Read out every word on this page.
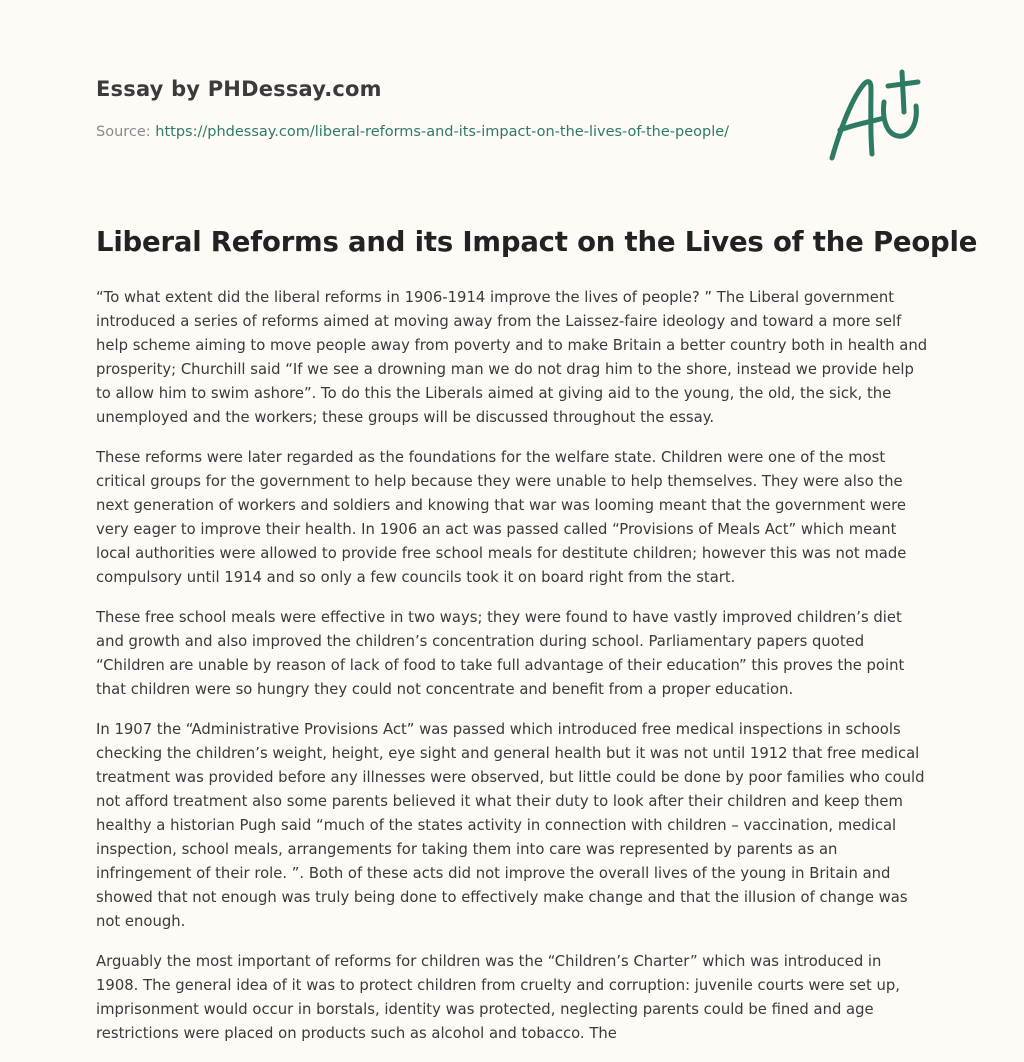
Essay by PHDessay.com
Source: https://phdessay.com/liberal-reforms-and-its-impact-on-the-lives-of-the-people/
Liberal Reforms and its Impact on the Lives of the People

“To what extent did the liberal reforms in 1906-1914 improve the lives of people? ” The Liberal government introduced a series of reforms aimed at moving away from the Laissez-faire ideology and toward a more self help scheme aiming to move people away from poverty and to make Britain a better country both in health and prosperity; Churchill said “If we see a drowning man we do not drag him to the shore, instead we provide help to allow him to swim ashore”. To do this the Liberals aimed at giving aid to the young, the old, the sick, the unemployed and the workers; these groups will be discussed throughout the essay.

These reforms were later regarded as the foundations for the welfare state. Children were one of the most critical groups for the government to help because they were unable to help themselves. They were also the next generation of workers and soldiers and knowing that war was looming meant that the government were very eager to improve their health. In 1906 an act was passed called “Provisions of Meals Act” which meant local authorities were allowed to provide free school meals for destitute children; however this was not made compulsory until 1914 and so only a few councils took it on board right from the start.

These free school meals were effective in two ways; they were found to have vastly improved children’s diet and growth and also improved the children’s concentration during school. Parliamentary papers quoted “Children are unable by reason of lack of food to take full advantage of their education” this proves the point that children were so hungry they could not concentrate and benefit from a proper education.

In 1907 the “Administrative Provisions Act” was passed which introduced free medical inspections in schools checking the children’s weight, height, eye sight and general health but it was not until 1912 that free medical treatment was provided before any illnesses were observed, but little could be done by poor families who could not afford treatment also some parents believed it what their duty to look after their children and keep them healthy a historian Pugh said “much of the states activity in connection with children – vaccination, medical inspection, school meals, arrangements for taking them into care was represented by parents as an infringement of their role. ”. Both of these acts did not improve the overall lives of the young in Britain and showed that not enough was truly being done to effectively make change and that the illusion of change was not enough.

Arguably the most important of reforms for children was the “Children’s Charter” which was introduced in 1908. The general idea of it was to protect children from cruelty and corruption: juvenile courts were set up, imprisonment would occur in borstals, identity was protected, neglecting parents could be fined and age restrictions were placed on products such as alcohol and tobacco. The
